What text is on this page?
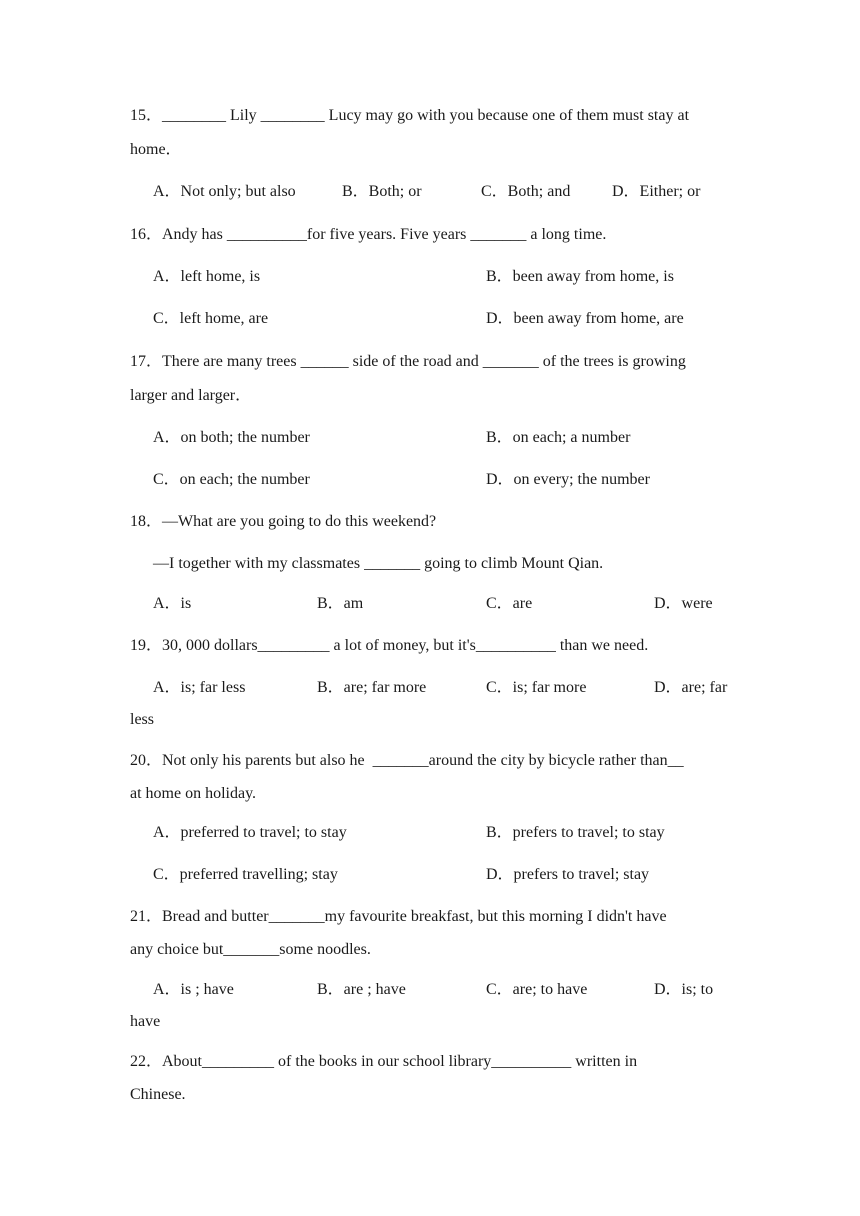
15．________ Lily ________ Lucy may go with you because one of them must stay at
home．
A．Not only; but also	B．Both; or	C．Both; and	D．Either; or
16．Andy has __________for five years. Five years _______ a long time.
A．left home, is	B．been away from home, is
C．left home, are	D．been away from home, are
17．There are many trees ______ side of the road and _______ of the trees is growing
larger and larger．
A．on both; the number	B．on each; a number
C．on each; the number	D．on every; the number
18．—What are you going to do this weekend?
—I together with my classmates _______ going to climb Mount Qian.
A．is	B．am	C．are	D．were
19．30, 000 dollars_________ a lot of money, but it's__________ than we need.
A．is; far less	B．are; far more	C．is; far more	D．are; far
less
20．Not only his parents but also he  _______around the city by bicycle rather than__
at home on holiday.
A．preferred to travel; to stay	B．prefers to travel; to stay
C．preferred travelling; stay	D．prefers to travel; stay
21．Bread and butter_______my favourite breakfast, but this morning I didn't have
any choice but_______some noodles.
A．is ; have	B．are ; have	C．are; to have	D．is; to
have
22．About_________ of the books in our school library__________ written in
Chinese.
